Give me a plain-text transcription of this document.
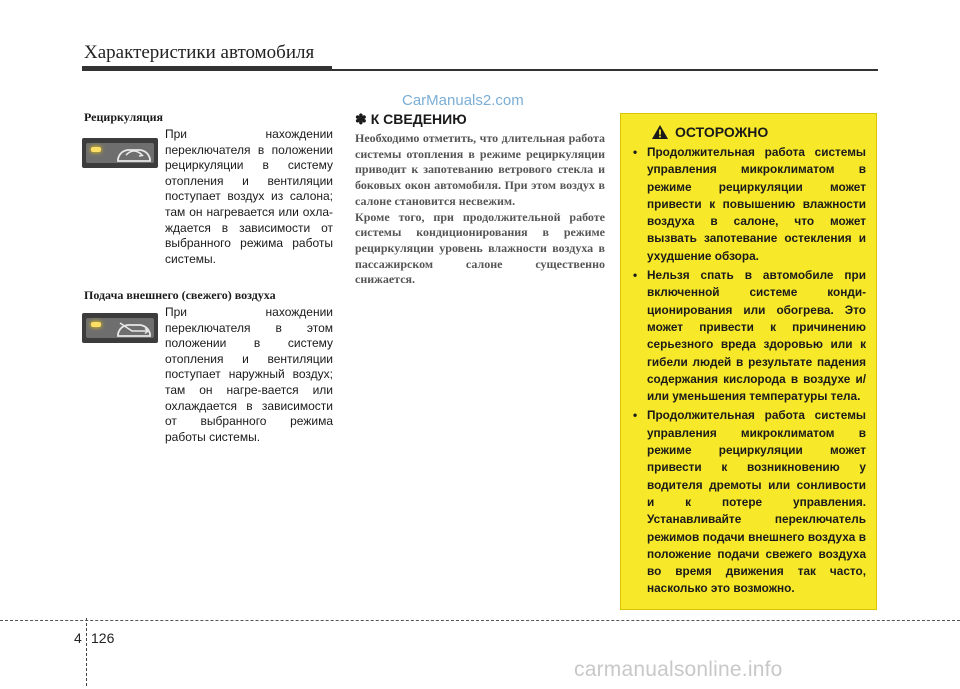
Характеристики автомобиля
CarManuals2.com
Рециркуляция
При нахождении переключателя в положении рециркуляции в систему отопления и вентиляции поступает воздух из салона; там он нагревается или охла-ждается в зависимости от выбранного режима работы системы.
Подача внешнего (свежего) воздуха
При нахождении переключателя в этом положении в систему отопления и вентиляции поступает наружный воздух; там он нагре-вается или охлаждается в зависимости от выбранного режима работы системы.
✽ К СВЕДЕНИЮ

Необходимо отметить, что длительная работа системы отопления в режиме рециркуляции приводит к запотеванию ветрового стекла и боковых окон автомобиля. При этом воздух в салоне становится несвежим.

Кроме того, при продолжительной работе системы кондиционирования в режиме рециркуляции уровень влажности воздуха в пассажирском салоне существенно снижается.

ОСТОРОЖНО
• Продолжительная работа системы управления микроклиматом в режиме рециркуляции может привести к повышению влажности воздуха в салоне, что может вызвать запотевание остекления и ухудшение обзора.
• Нельзя спать в автомобиле при включенной системе конди-ционирования или обогрева. Это может привести к причинению серьезного вреда здоровью или к гибели людей в результате падения содержания кислорода в воздухе и/или уменьшения температуры тела.
• Продолжительная работа системы управления микроклиматом в режиме рециркуляции может привести к возникновению у водителя дремоты или сонливости и к потере управления. Устанавливайте переключатель режимов подачи внешнего воздуха в положение подачи свежего воздуха во время движения так часто, насколько это возможно.
4 126
carmanualsonline.info
